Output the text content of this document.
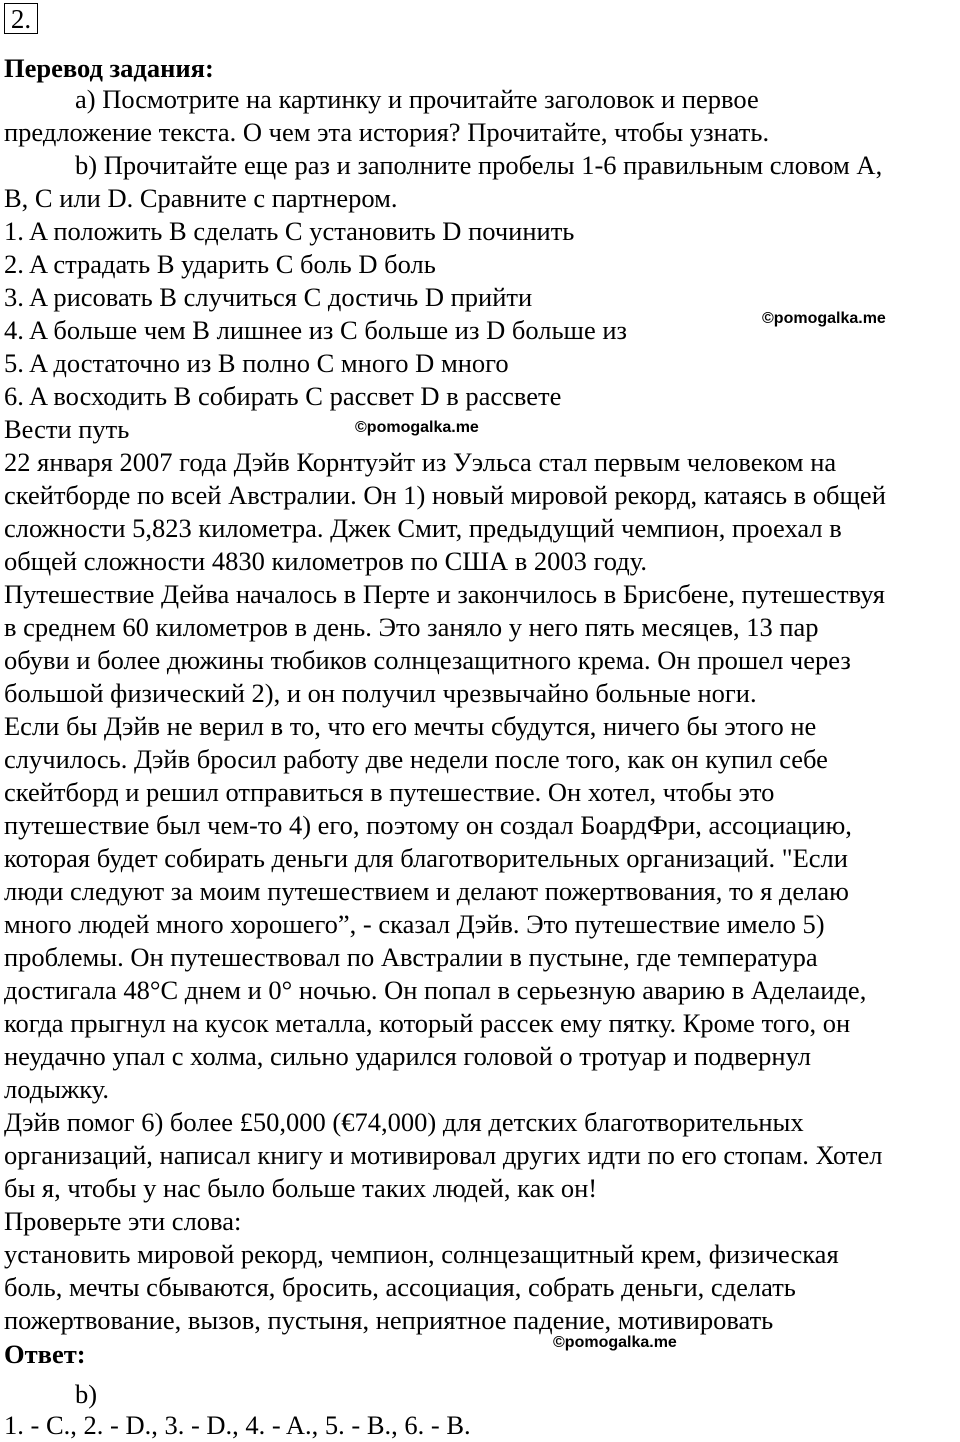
2.
Перевод задания:
a) Посмотрите на картинку и прочитайте заголовок и первое
предложение текста. О чем эта история? Прочитайте, чтобы узнать.
b) Прочитайте еще раз и заполните пробелы 1-6 правильным словом A,
B, C или D. Сравните с партнером.
1. A положить B сделать C установить D починить
2. A страдать B ударить C боль D боль
3. A рисовать B случиться C достичь D прийти
4. A больше чем B лишнее из C больше из D больше из
5. A достаточно из B полно C много D много
6. A восходить B собирать C рассвет D в рассвете
Вести путь
22 января 2007 года Дэйв Корнтуэйт из Уэльса стал первым человеком на
скейтборде по всей Австралии. Он 1) новый мировой рекорд, катаясь в общей
сложности 5,823 километра. Джек Смит, предыдущий чемпион, проехал в
общей сложности 4830 километров по США в 2003 году.
Путешествие Дейва началось в Перте и закончилось в Брисбене, путешествуя
в среднем 60 километров в день. Это заняло у него пять месяцев, 13 пар
обуви и более дюжины тюбиков солнцезащитного крема. Он прошел через
большой физический 2), и он получил чрезвычайно больные ноги.
Если бы Дэйв не верил в то, что его мечты сбудутся, ничего бы этого не
случилось. Дэйв бросил работу две недели после того, как он купил себе
скейтборд и решил отправиться в путешествие. Он хотел, чтобы это
путешествие был чем-то 4) его, поэтому он создал БоардФри, ассоциацию,
которая будет собирать деньги для благотворительных организаций. "Если
люди следуют за моим путешествием и делают пожертвования, то я делаю
много людей много хорошего”, - сказал Дэйв. Это путешествие имело 5)
проблемы. Он путешествовал по Австралии в пустыне, где температура
достигала 48°С днем и 0° ночью. Он попал в серьезную аварию в Аделаиде,
когда прыгнул на кусок металла, который рассек ему пятку. Кроме того, он
неудачно упал с холма, сильно ударился головой о тротуар и подвернул
лодыжку.
Дэйв помог 6) более £50,000 (€74,000) для детских благотворительных
организаций, написал книгу и мотивировал других идти по его стопам. Хотел
бы я, чтобы у нас было больше таких людей, как он!
Проверьте эти слова:
установить мировой рекорд, чемпион, солнцезащитный крем, физическая
боль, мечты сбываются, бросить, ассоциация, собрать деньги, сделать
пожертвование, вызов, пустыня, неприятное падение, мотивировать
Ответ:
b)
1. - C., 2. - D., 3. - D., 4. - A., 5. - B., 6. - B.
©pomogalka.me
©pomogalka.me
©pomogalka.me
